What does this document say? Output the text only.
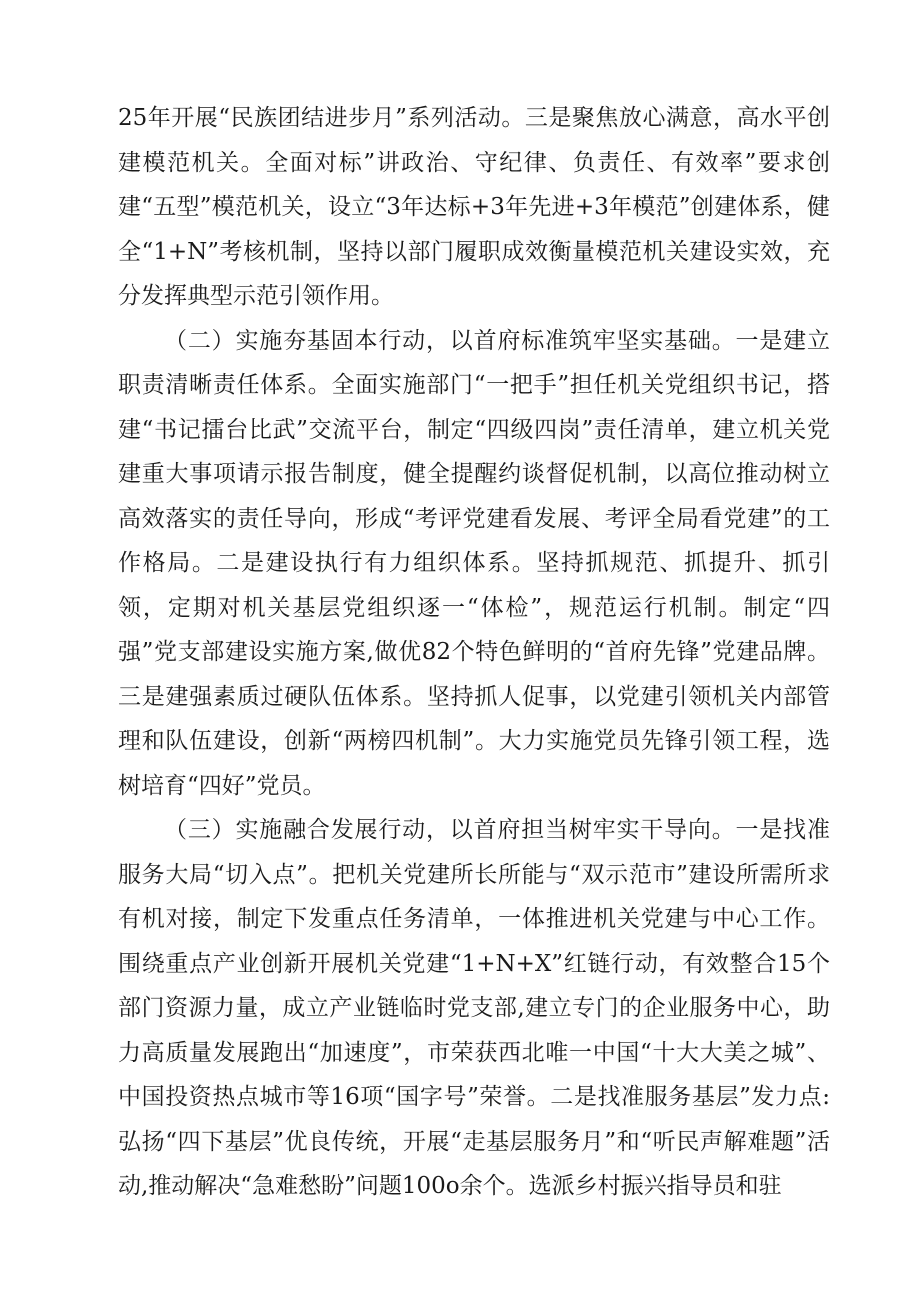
25年开展“民族团结进步月”系列活动。三是聚焦放心满意，高水平创建模范机关。全面对标”讲政治、守纪律、负责任、有效率”要求创建“五型”模范机关，设立“3年达标+3年先进+3年模范”创建体系，健全“1+N”考核机制，坚持以部门履职成效衡量模范机关建设实效，充分发挥典型示范引领作用。

（二）实施夯基固本行动，以首府标准筑牢坚实基础。一是建立职责清晰责任体系。全面实施部门“一把手”担任机关党组织书记，搭建“书记擂台比武”交流平台，制定“四级四岗”责任清单，建立机关党建重大事项请示报告制度，健全提醒约谈督促机制，以高位推动树立高效落实的责任导向，形成“考评党建看发展、考评全局看党建”的工作格局。二是建设执行有力组织体系。坚持抓规范、抓提升、抓引领，定期对机关基层党组织逐一“体检”，规范运行机制。制定“四强”党支部建设实施方案,做优82个特色鲜明的“首府先锋”党建品牌。三是建强素质过硬队伍体系。坚持抓人促事，以党建引领机关内部管理和队伍建设，创新“两榜四机制”。大力实施党员先锋引领工程，选树培育“四好”党员。

（三）实施融合发展行动，以首府担当树牢实干导向。一是找准服务大局“切入点”。把机关党建所长所能与“双示范市”建设所需所求有机对接，制定下发重点任务清单，一体推进机关党建与中心工作。围绕重点产业创新开展机关党建“1+N+X”红链行动，有效整合15个部门资源力量，成立产业链临时党支部,建立专门的企业服务中心，助力高质量发展跑出“加速度”，市荣获西北唯一中国“十大大美之城”、中国投资热点城市等16项“国字号”荣誉。二是找准服务基层”发力点:弘扬“四下基层”优良传统，开展“走基层服务月”和“听民声解难题”活动,推动解决“急难愁盼”问题100o余个。选派乡村振兴指导员和驻
